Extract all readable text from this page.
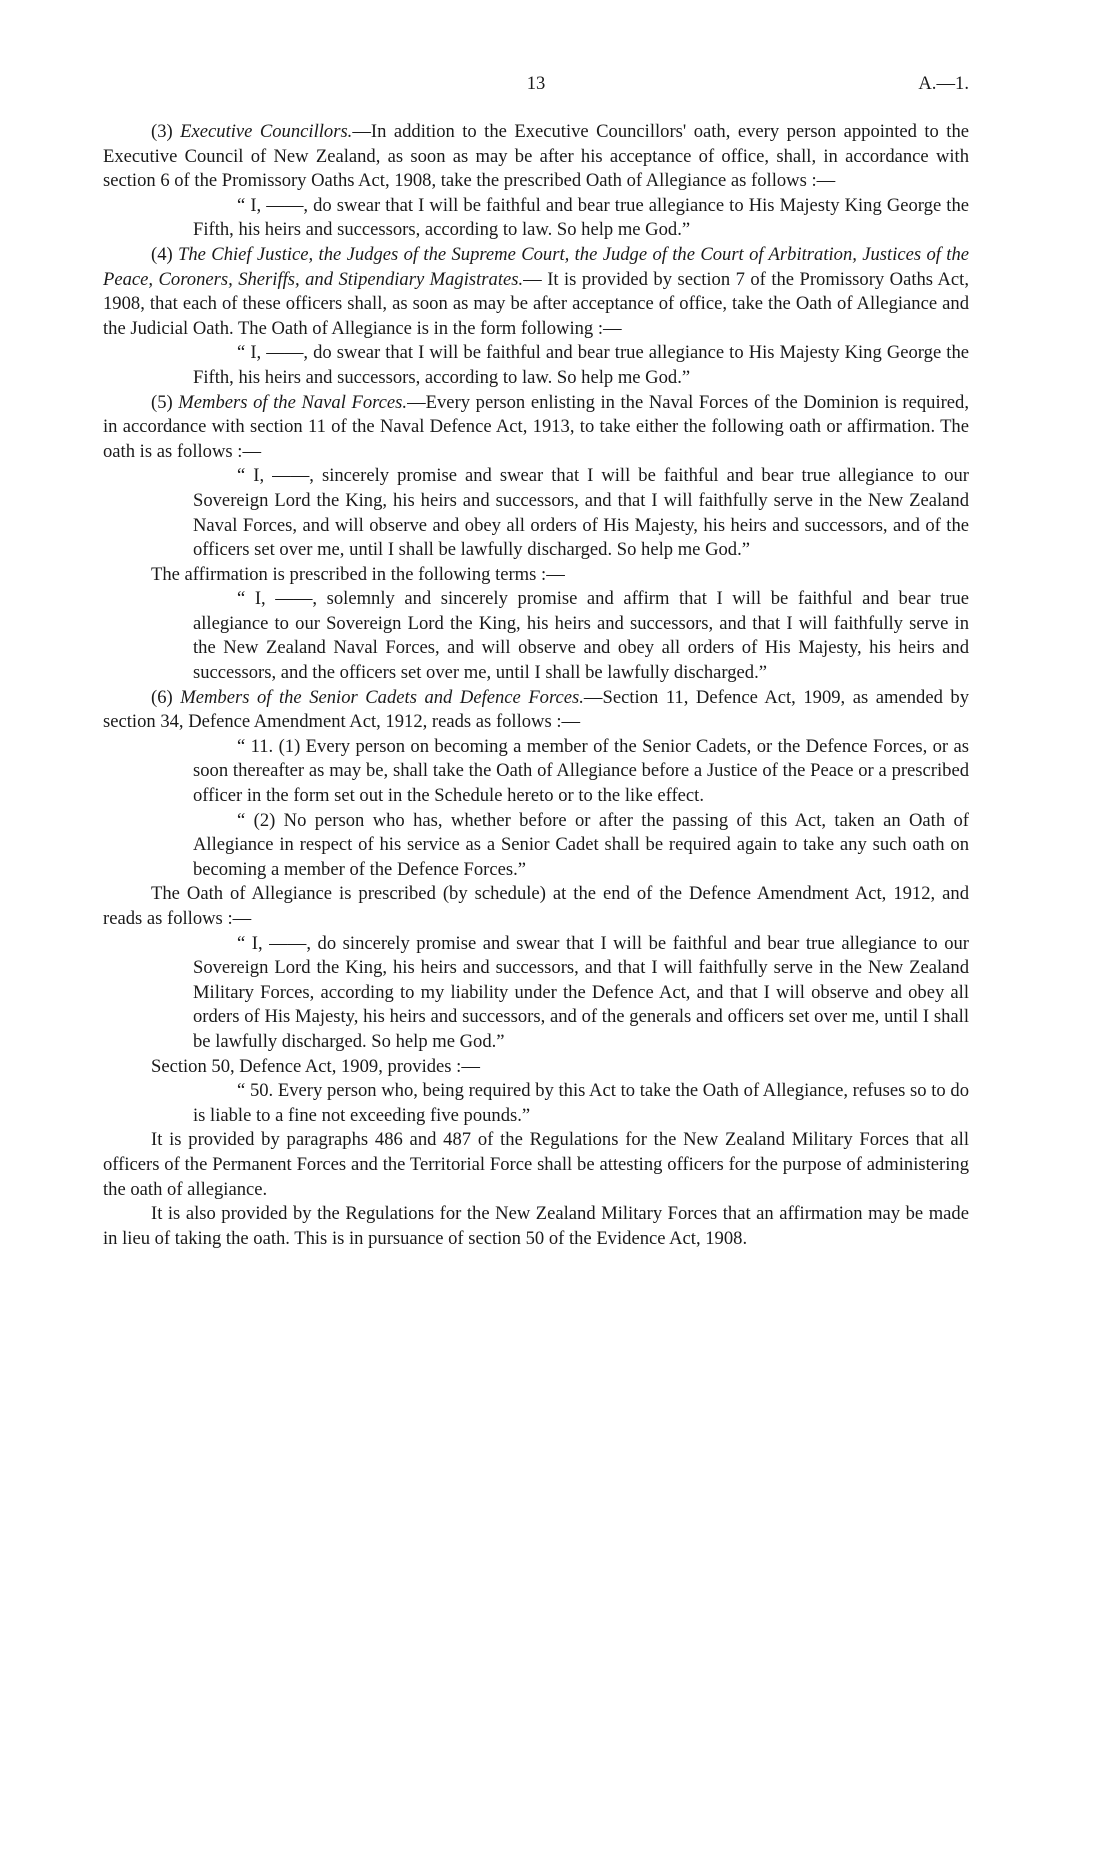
13	A.—1.

(3) Executive Councillors.—In addition to the Executive Councillors' oath, every person appointed to the Executive Council of New Zealand, as soon as may be after his acceptance of office, shall, in accordance with section 6 of the Promissory Oaths Act, 1908, take the prescribed Oath of Allegiance as follows :—

“ I, ——, do swear that I will be faithful and bear true allegiance to His Majesty King George the Fifth, his heirs and successors, according to law. So help me God.”

(4) The Chief Justice, the Judges of the Supreme Court, the Judge of the Court of Arbitration, Justices of the Peace, Coroners, Sheriffs, and Stipendiary Magistrates.— It is provided by section 7 of the Promissory Oaths Act, 1908, that each of these officers shall, as soon as may be after acceptance of office, take the Oath of Allegiance and the Judicial Oath. The Oath of Allegiance is in the form following :—

“ I, ——, do swear that I will be faithful and bear true allegiance to His Majesty King George the Fifth, his heirs and successors, according to law. So help me God.”

(5) Members of the Naval Forces.—Every person enlisting in the Naval Forces of the Dominion is required, in accordance with section 11 of the Naval Defence Act, 1913, to take either the following oath or affirmation. The oath is as follows :—

“ I, ——, sincerely promise and swear that I will be faithful and bear true allegiance to our Sovereign Lord the King, his heirs and successors, and that I will faithfully serve in the New Zealand Naval Forces, and will observe and obey all orders of His Majesty, his heirs and successors, and of the officers set over me, until I shall be lawfully discharged. So help me God.”

The affirmation is prescribed in the following terms :—

“ I, ——, solemnly and sincerely promise and affirm that I will be faithful and bear true allegiance to our Sovereign Lord the King, his heirs and successors, and that I will faithfully serve in the New Zealand Naval Forces, and will observe and obey all orders of His Majesty, his heirs and successors, and the officers set over me, until I shall be lawfully discharged.”

(6) Members of the Senior Cadets and Defence Forces.—Section 11, Defence Act, 1909, as amended by section 34, Defence Amendment Act, 1912, reads as follows :—

“ 11. (1) Every person on becoming a member of the Senior Cadets, or the Defence Forces, or as soon thereafter as may be, shall take the Oath of Allegiance before a Justice of the Peace or a prescribed officer in the form set out in the Schedule hereto or to the like effect.

“ (2) No person who has, whether before or after the passing of this Act, taken an Oath of Allegiance in respect of his service as a Senior Cadet shall be required again to take any such oath on becoming a member of the Defence Forces.”

The Oath of Allegiance is prescribed (by schedule) at the end of the Defence Amendment Act, 1912, and reads as follows :—

“ I, ——, do sincerely promise and swear that I will be faithful and bear true allegiance to our Sovereign Lord the King, his heirs and successors, and that I will faithfully serve in the New Zealand Military Forces, according to my liability under the Defence Act, and that I will observe and obey all orders of His Majesty, his heirs and successors, and of the generals and officers set over me, until I shall be lawfully discharged. So help me God.”

Section 50, Defence Act, 1909, provides :—

“ 50. Every person who, being required by this Act to take the Oath of Allegiance, refuses so to do is liable to a fine not exceeding five pounds.”

It is provided by paragraphs 486 and 487 of the Regulations for the New Zealand Military Forces that all officers of the Permanent Forces and the Territorial Force shall be attesting officers for the purpose of administering the oath of allegiance.

It is also provided by the Regulations for the New Zealand Military Forces that an affirmation may be made in lieu of taking the oath. This is in pursuance of section 50 of the Evidence Act, 1908.
